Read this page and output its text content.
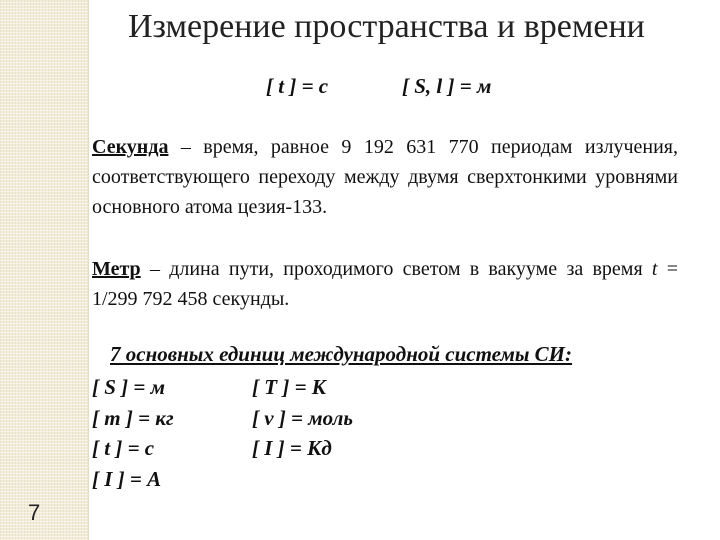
7
Измерение пространства и времени
[ t ] = c	[ S, l ] = м
Секунда – время, равное 9 192 631 770 периодам излучения, соответствующего переходу между двумя сверхтонкими уровнями основного атома цезия-133.
Метр – длина пути, проходимого светом в вакууме за время t = 1/299 792 458 секунды.
7 основных единиц международной системы СИ:
[ S ] = м	[ T ] = К
[ m ] = кг	[ ν ] = моль
[ t ] = с	[ I ] = Кд
[ I ] = А
